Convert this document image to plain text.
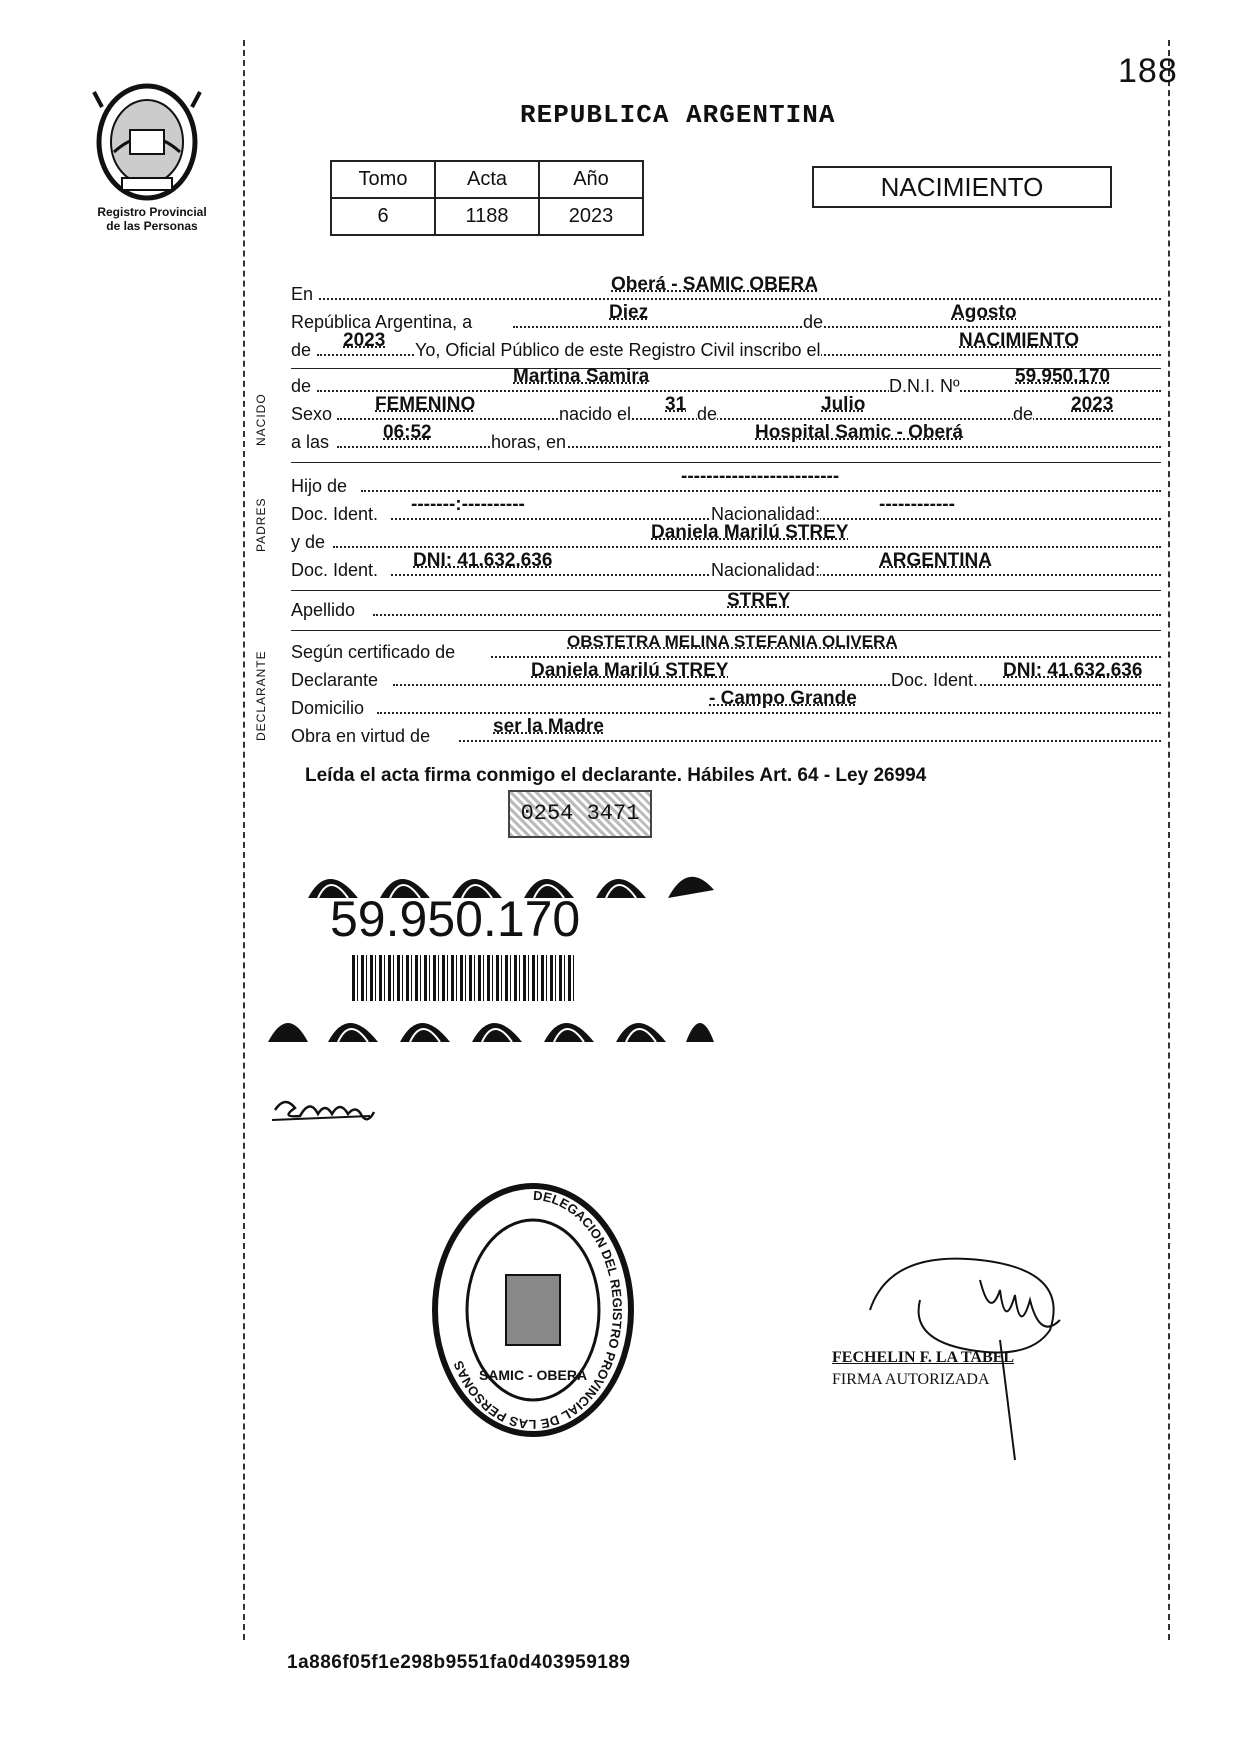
188
Registro Provincial
de las Personas
REPUBLICA ARGENTINA
Tomo	Acta	Año
6	1188	2023
NACIMIENTO
En	Oberá - SAMIC OBERA
República Argentina, a	Diez	de	Agosto
de 2023 Yo, Oficial Público de este Registro Civil inscribo el	NACIMIENTO
NACIDO
de	Martina Samira	D.N.I. Nº	59.950.170
Sexo FEMENINO	nacido el 31 de	Julio	de 2023
a las	06:52	horas, en	Hospital Samic - Oberá
PADRES
Hijo de	-------------------------
Doc. Ident. -------:----------	Nacionalidad:	------------
y de	Daniela Marilú STREY
Doc. Ident. DNI: 41.632.636	Nacionalidad:	ARGENTINA
Apellido	STREY
DECLARANTE Según certificado de
OBSTETRA MELINA STEFANIA OLIVERA
Declarante	Daniela Marilú STREY	Doc. Ident. DNI: 41.632.636
Domicilio	- Campo Grande
Obra en virtud de	ser la Madre
Leída el acta firma conmigo el declarante. Hábiles Art. 64 - Ley 26994
0254 3471
59.950.170
DELEGACION DEL REGISTRO PROVINCIAL DE LAS PERSONAS
SAMIC - OBERA
FECHELIN F. LA TABEL
FIRMA AUTORIZADA
1a886f05f1e298b9551fa0d403959189
